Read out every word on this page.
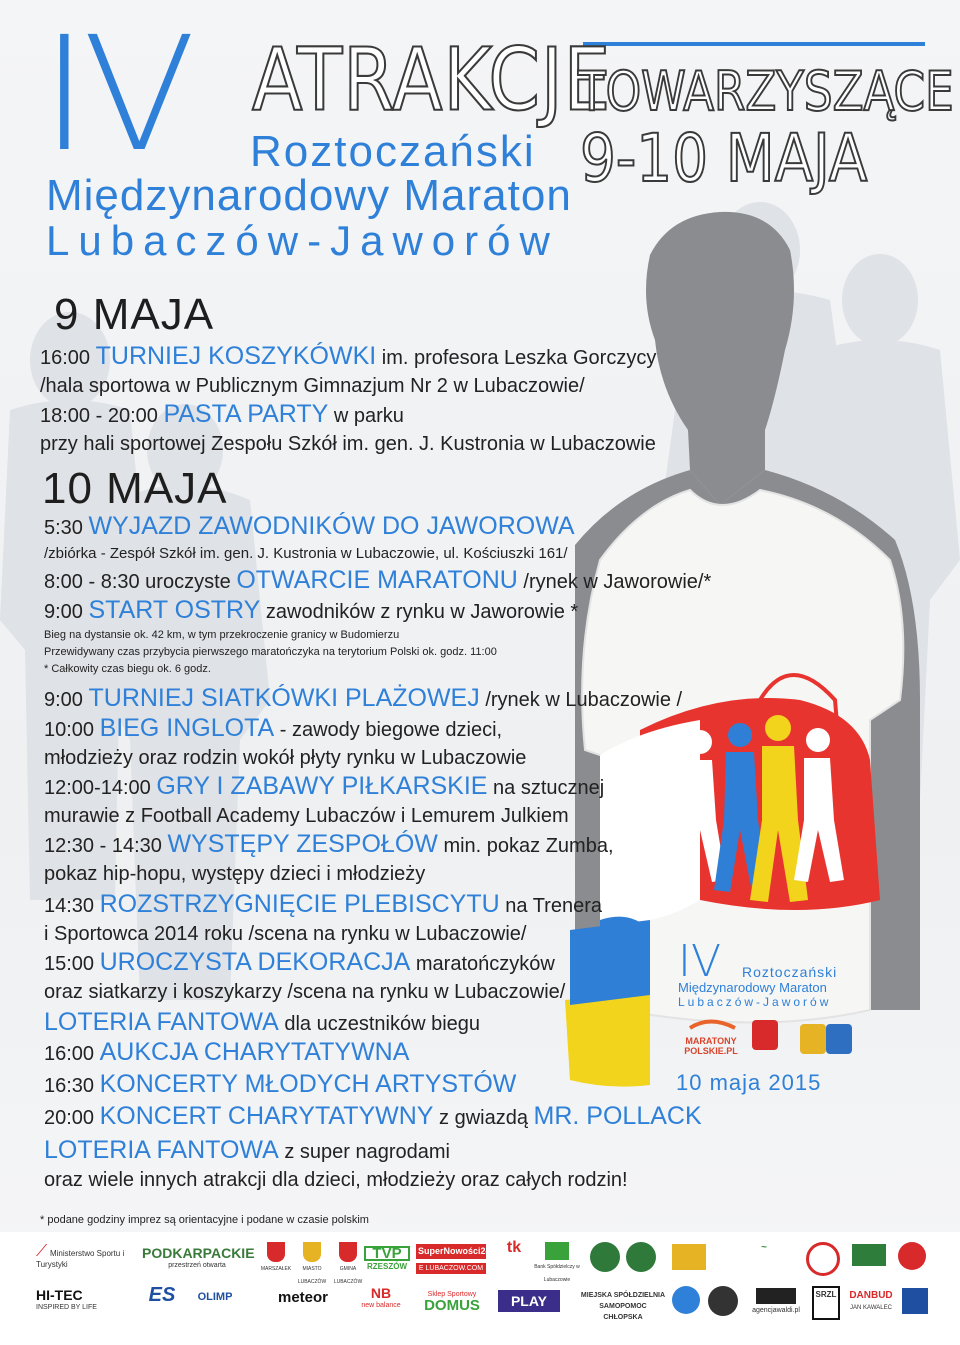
IV ATRAKCJE
TOWARZYSZĄCE
9-10 MAJA
Roztoczański
Międzynarodowy Maraton
Lubaczów-Jaworów
9 MAJA
16:00 TURNIEJ KOSZYKÓWKI im. profesora Leszka Gorczycy
/hala sportowa w Publicznym Gimnazjum Nr 2 w Lubaczowie/
18:00 - 20:00 PASTA PARTY w parku
przy hali sportowej Zespołu Szkół im. gen. J. Kustronia w Lubaczowie
10 MAJA
5:30 WYJAZD ZAWODNIKÓW DO JAWOROWA
/zbiórka - Zespół Szkół im. gen. J. Kustronia w Lubaczowie, ul. Kościuszki 161/
8:00 - 8:30 uroczyste OTWARCIE MARATONU /rynek w Jaworowie/*
9:00 START OSTRY zawodników z rynku w Jaworowie *
Bieg na dystansie ok. 42 km, w tym przekroczenie granicy w Budomierzu
Przewidywany czas przybycia pierwszego maratończyka na terytorium Polski ok. godz. 11:00
* Całkowity czas biegu ok. 6 godz.
9:00 TURNIEJ SIATKÓWKI PLAŻOWEJ /rynek w Lubaczowie /
10:00 BIEG INGLOTA - zawody biegowe dzieci,
młodzieży oraz rodzin wokół płyty rynku w Lubaczowie
12:00-14:00 GRY I ZABAWY PIŁKARSKIE na sztucznej
murawie z Football Academy Lubaczów i Lemurem Julkiem
12:30 - 14:30 WYSTĘPY ZESPOŁÓW min. pokaz Zumba,
pokaz hip-hopu, występy dzieci i młodzieży
14:30 ROZSTRZYGNIĘCIE PLEBISCYTU na Trenera
i Sportowca 2014 roku /scena na rynku w Lubaczowie/
15:00 UROCZYSTA DEKORACJA maratończyków
oraz siatkarzy i koszykarzy /scena na rynku w Lubaczowie/
LOTERIA FANTOWA dla uczestników biegu
16:00 AUKCJA CHARYTATYWNA
16:30 KONCERTY MŁODYCH ARTYSTÓW
20:00 KONCERT CHARYTATYWNY z gwiazdą MR. POLLACK
LOTERIA FANTOWA z super nagrodami
oraz wiele innych atrakcji dla dzieci, młodzieży oraz całych rodzin!
* podane godziny imprez są orientacyjne i podane w czasie polskim
IV Roztoczański
Międzynarodowy Maraton
Lubaczów-Jaworów
MARATONY POLSKIE.PL
10 maja 2015
⟋ Ministerstwo Sportu i Turystyki
PODKARPACKIE
przestrzeń otwarta	MARSZAŁEK	MIASTO LUBACZÓW
GMINA LUBACZÓW
TVP
RZESZÓW
SuperNowości24
E LUBACZOW.COM
tk
Bank Spółdzielczy w Lubaczowie
~
HI-TEC
INSPIRED BY LIFE
ES	OLIMP	meteor	NB
new balance
Sklep Sportowy
DOMUS	PLAY	MIEJSKA SPÓŁDZIELNIA SAMOPOMOC CHŁOPSKA
agencjawaldi.pl
SRZL	DANBUD
JAN KAWALEC
